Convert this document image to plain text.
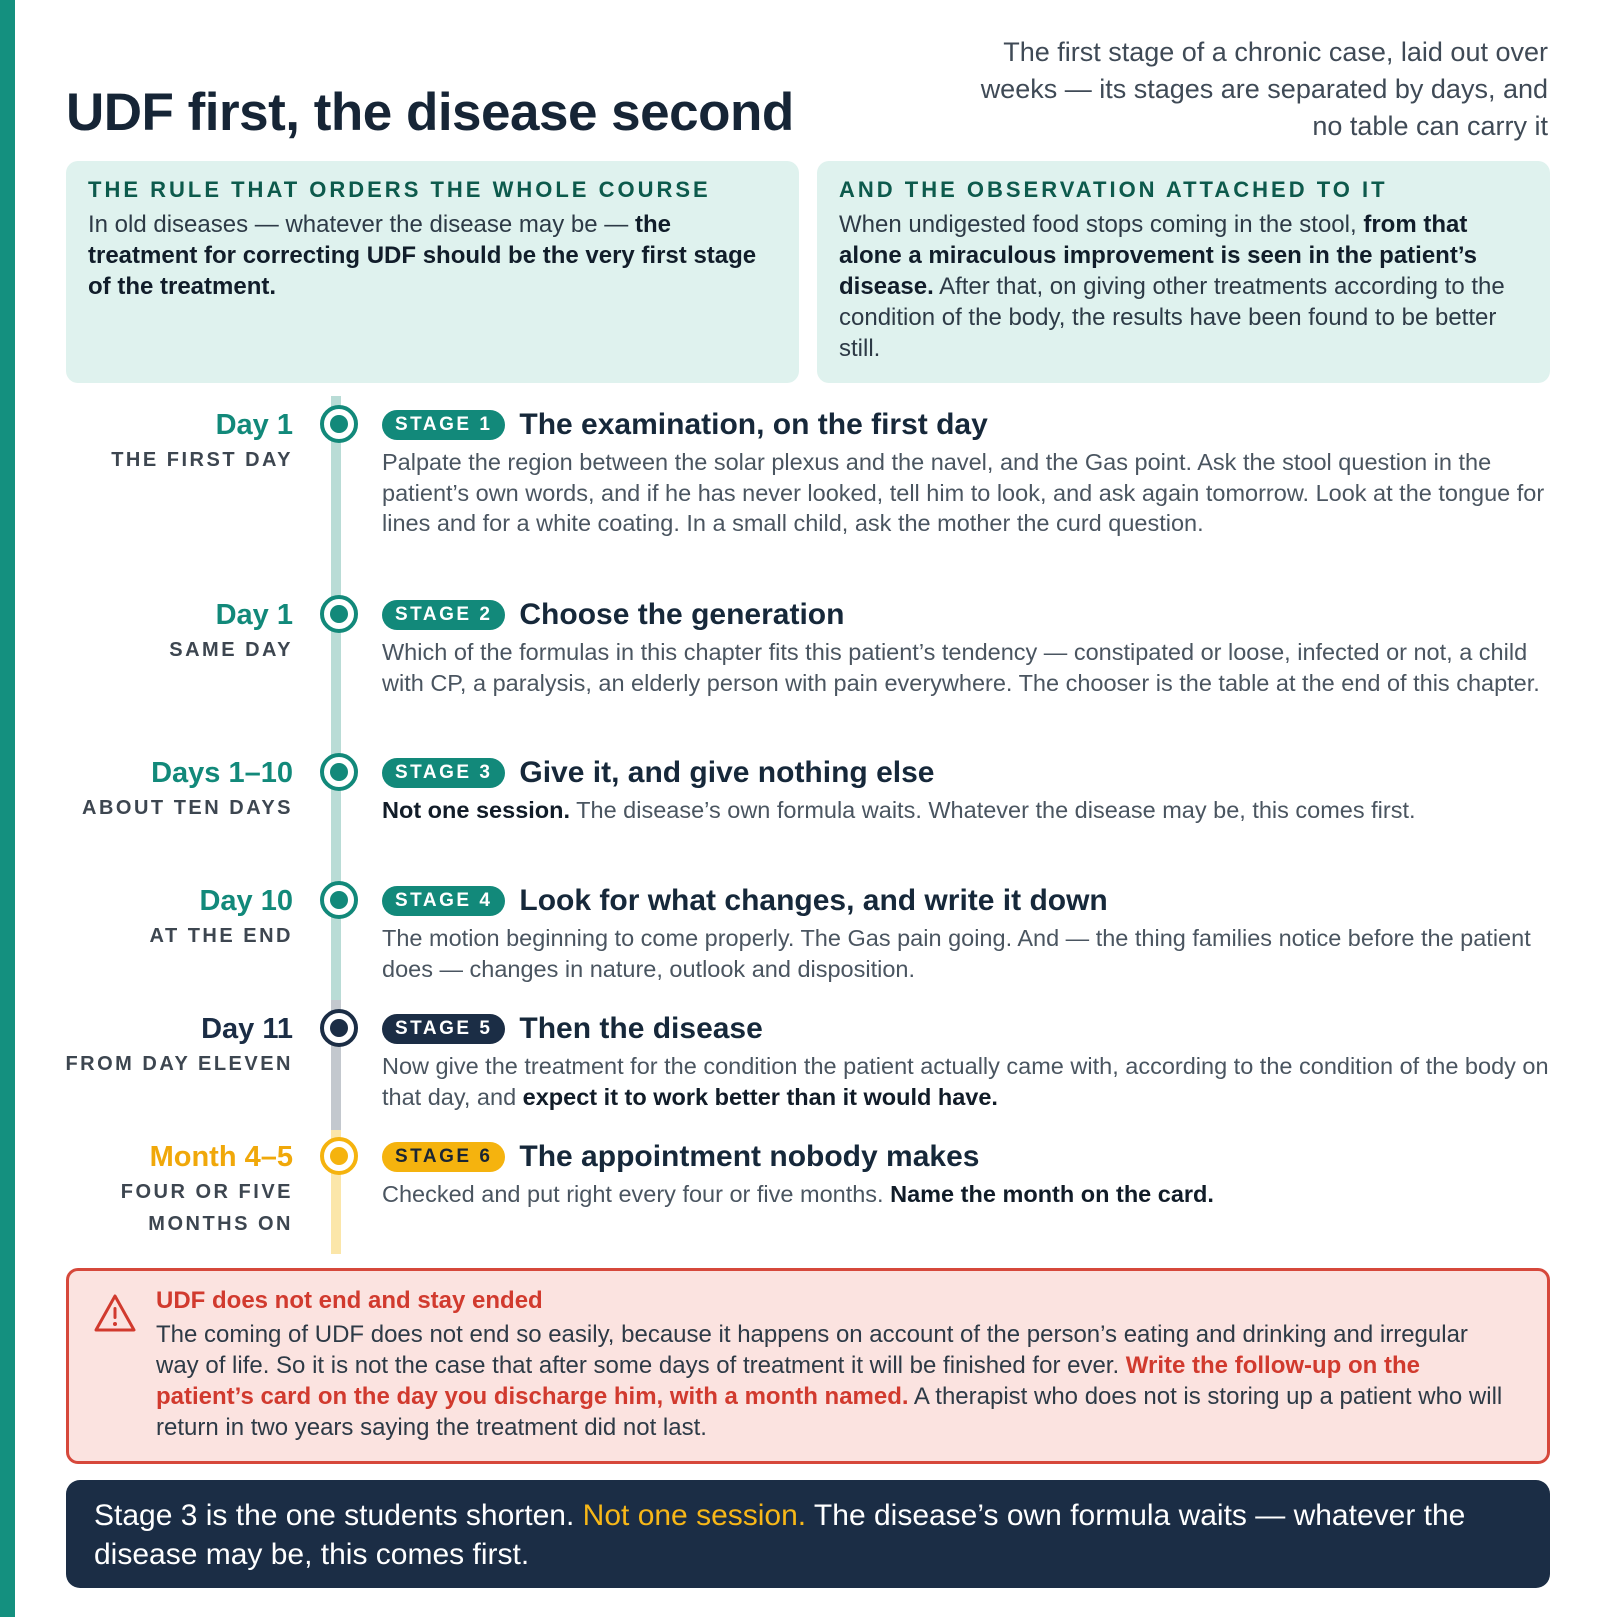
UDF first, the disease second

The first stage of a chronic case, laid out over weeks — its stages are separated by days, and no table can carry it

THE RULE THAT ORDERS THE WHOLE COURSE

In old diseases — whatever the disease may be — the treatment for correcting UDF should be the very first stage of the treatment.

AND THE OBSERVATION ATTACHED TO IT

When undigested food stops coming in the stool, from that alone a miraculous improvement is seen in the patient’s disease. After that, on giving other treatments according to the condition of the body, the results have been found to be better still.

Day 1
THE FIRST DAY
STAGE 1 The examination, on the first day

Palpate the region between the solar plexus and the navel, and the Gas point. Ask the stool question in the patient’s own words, and if he has never looked, tell him to look, and ask again tomorrow. Look at the tongue for lines and for a white coating. In a small child, ask the mother the curd question.

Day 1
SAME DAY
STAGE 2 Choose the generation

Which of the formulas in this chapter fits this patient’s tendency — constipated or loose, infected or not, a child with CP, a paralysis, an elderly person with pain everywhere. The chooser is the table at the end of this chapter.

Days 1–10
ABOUT TEN DAYS
STAGE 3 Give it, and give nothing else

Not one session. The disease’s own formula waits. Whatever the disease may be, this comes first.

Day 10
AT THE END
STAGE 4 Look for what changes, and write it down

The motion beginning to come properly. The Gas pain going. And — the thing families notice before the patient does — changes in nature, outlook and disposition.

Day 11
FROM DAY ELEVEN
STAGE 5 Then the disease

Now give the treatment for the condition the patient actually came with, according to the condition of the body on that day, and expect it to work better than it would have.

Month 4–5
FOUR OR FIVE MONTHS ON
STAGE 6 The appointment nobody makes

Checked and put right every four or five months. Name the month on the card.

UDF does not end and stay ended

The coming of UDF does not end so easily, because it happens on account of the person’s eating and drinking and irregular way of life. So it is not the case that after some days of treatment it will be finished for ever. Write the follow-up on the patient’s card on the day you discharge him, with a month named. A therapist who does not is storing up a patient who will return in two years saying the treatment did not last.

Stage 3 is the one students shorten. Not one session. The disease’s own formula waits — whatever the disease may be, this comes first.
